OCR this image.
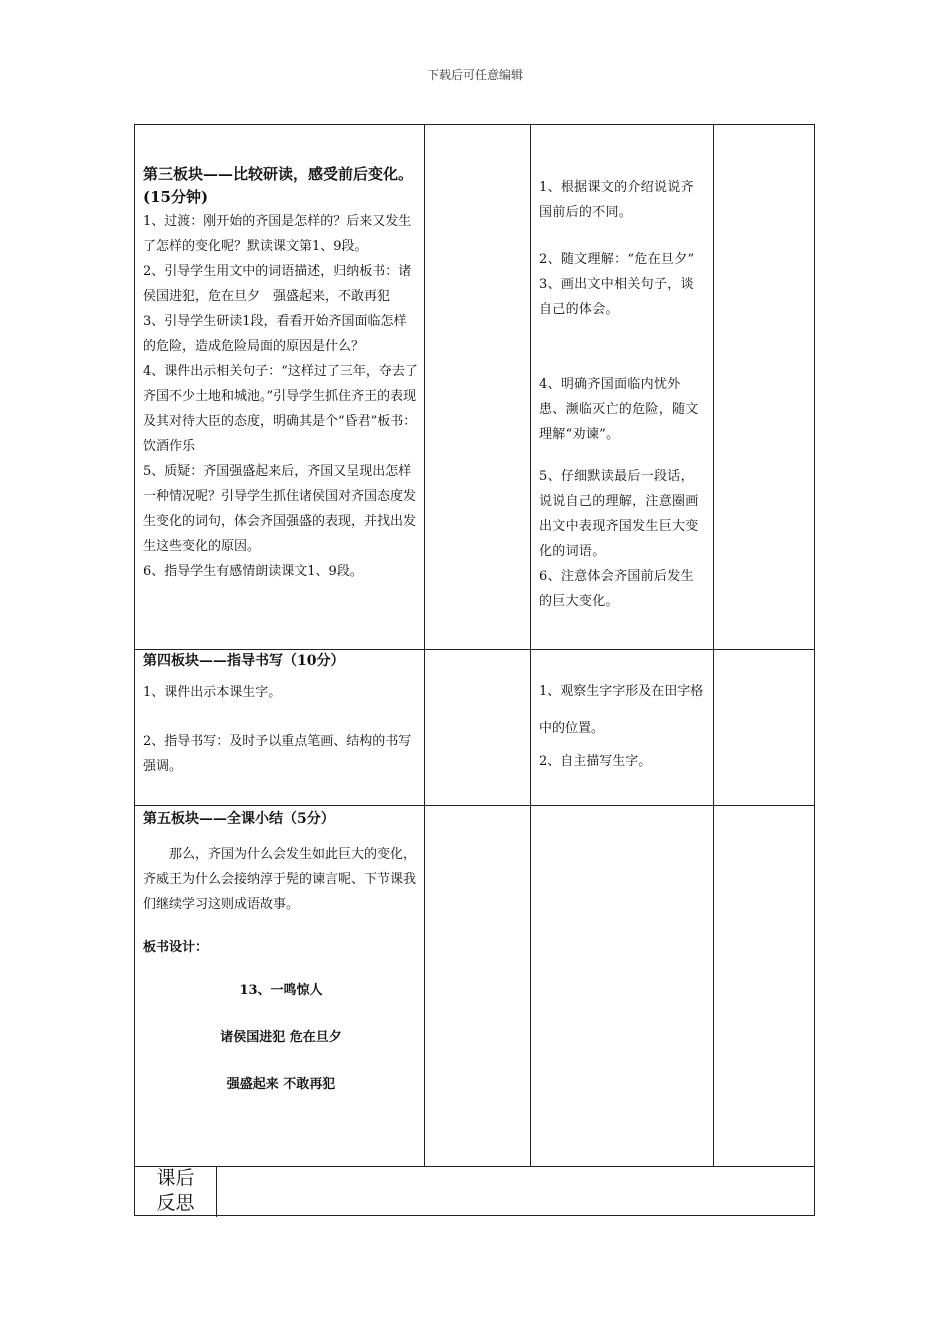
下载后可任意编辑

第三板块——比较研读，感受前后变化。(15分钟)

1、过渡：刚开始的齐国是怎样的？后来又发生了怎样的变化呢？默读课文第1、9段。

2、引导学生用文中的词语描述，归纳板书：诸侯国进犯，危在旦夕　强盛起来，不敢再犯

3、引导学生研读1段，看看开始齐国面临怎样的危险，造成危险局面的原因是什么？

4、课件出示相关句子：“这样过了三年，夺去了齐国不少土地和城池。”引导学生抓住齐王的表现及其对待大臣的态度，明确其是个“昏君”板书：饮酒作乐

5、质疑：齐国强盛起来后，齐国又呈现出怎样一种情况呢？引导学生抓住诸侯国对齐国态度发生变化的词句，体会齐国强盛的表现，并找出发生这些变化的原因。

6、指导学生有感情朗读课文1、9段。

1、根据课文的介绍说说齐国前后的不同。

2、随文理解：“危在旦夕”

3、画出文中相关句子，谈自己的体会。

4、明确齐国面临内忧外患、濒临灭亡的危险，随文理解“劝谏”。

5、仔细默读最后一段话，说说自己的理解，注意圈画出文中表现齐国发生巨大变化的词语。

6、注意体会齐国前后发生的巨大变化。

第四板块——指导书写（10分）

1、课件出示本课生字。

2、指导书写：及时予以重点笔画、结构的书写强调。

1、观察生字字形及在田字格中的位置。

2、自主描写生字。

第五板块——全课小结（5分）

那么，齐国为什么会发生如此巨大的变化，齐威王为什么会接纳淳于髡的谏言呢、下节课我们继续学习这则成语故事。

板书设计：

13、一鸣惊人

诸侯国进犯 危在旦夕

强盛起来 不敢再犯

课后
反思
